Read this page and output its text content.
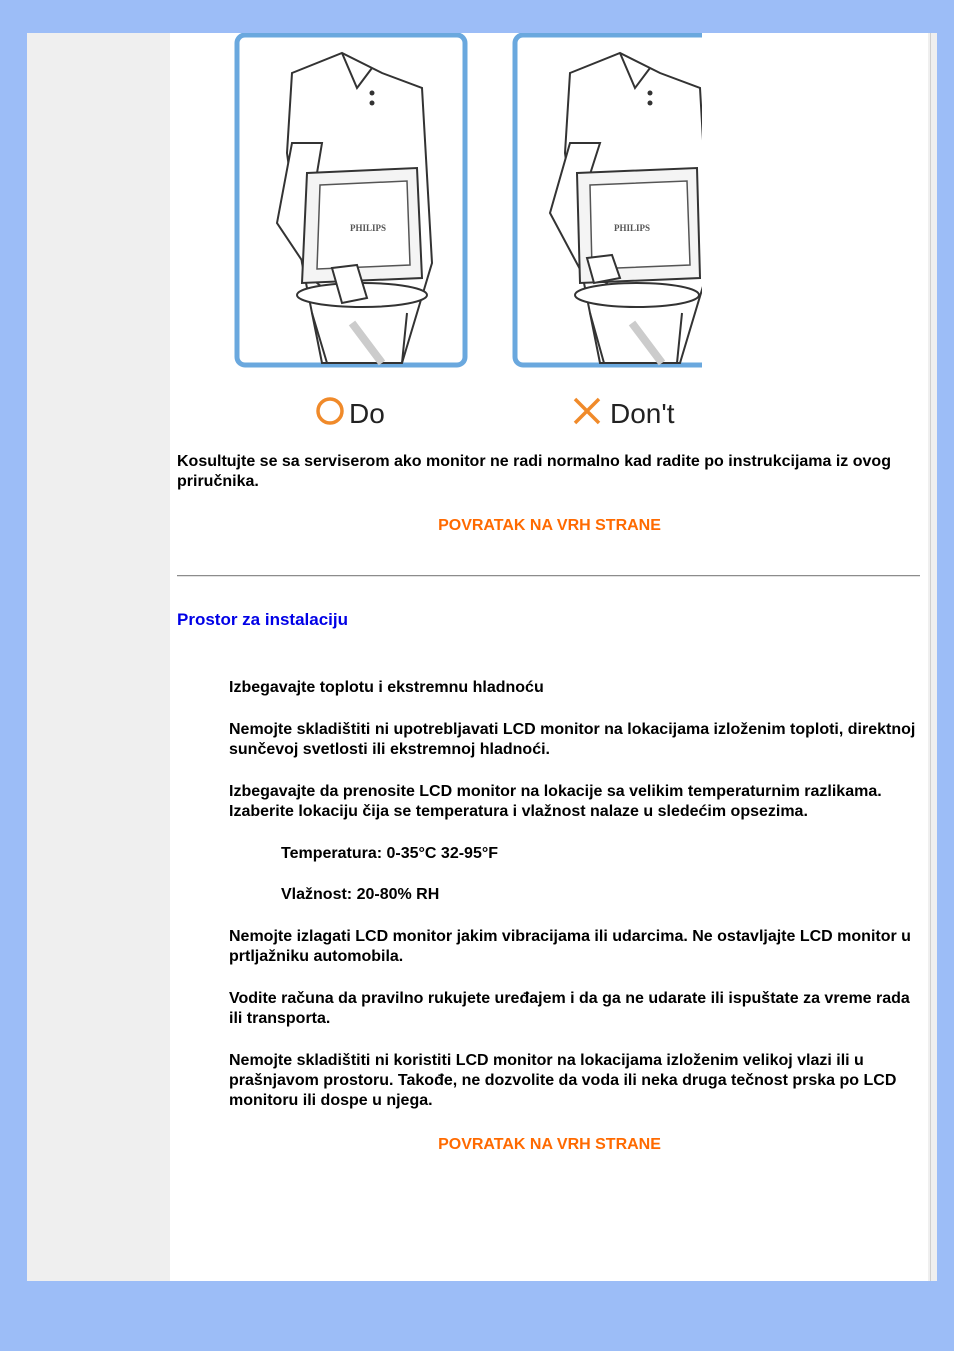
PHILIPS	PHILIPS
Do	Don't

Kosultujte se sa serviserom ako monitor ne radi normalno kad radite po instrukcijama iz ovog priručnika.

POVRATAK NA VRH STRANE
Prostor za instalaciju

Izbegavajte toplotu i ekstremnu hladnoću

Nemojte skladištiti ni upotrebljavati LCD monitor na lokacijama izloženim toploti, direktnoj sunčevoj svetlosti ili ekstremnoj hladnoći.

Izbegavajte da prenosite LCD monitor na lokacije sa velikim temperaturnim razlikama. Izaberite lokaciju čija se temperatura i vlažnost nalaze u sledećim opsezima.

Temperatura: 0-35°C 32-95°F

Vlažnost: 20-80% RH

Nemojte izlagati LCD monitor jakim vibracijama ili udarcima. Ne ostavljajte LCD monitor u prtljažniku automobila.

Vodite računa da pravilno rukujete uređajem i da ga ne udarate ili ispuštate za vreme rada ili transporta.

Nemojte skladištiti ni koristiti LCD monitor na lokacijama izloženim velikoj vlazi ili u prašnjavom prostoru. Takođe, ne dozvolite da voda ili neka druga tečnost prska po LCD monitoru ili dospe u njega.

POVRATAK NA VRH STRANE
